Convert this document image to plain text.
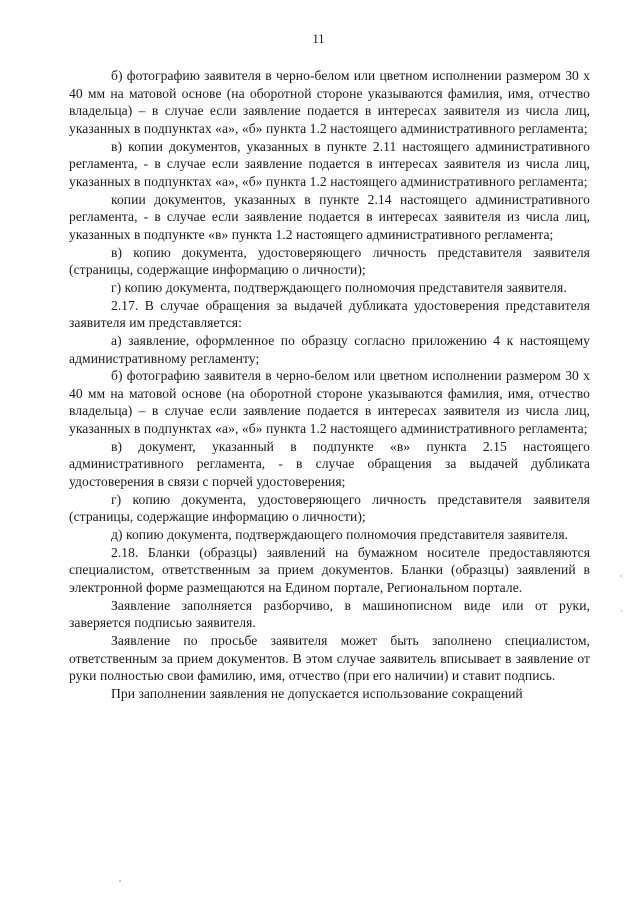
11

б) фотографию заявителя в черно-белом или цветном исполнении размером 30 х 40 мм на матовой основе (на оборотной стороне указываются фамилия, имя, отчество владельца) – в случае если заявление подается в интересах заявителя из числа лиц, указанных в подпунктах «а», «б» пункта 1.2 настоящего административного регламента;

в) копии документов, указанных в пункте 2.11 настоящего административного регламента, - в случае если заявление подается в интересах заявителя из числа лиц, указанных в подпунктах «а», «б» пункта 1.2 настоящего административного регламента;

копии документов, указанных в пункте 2.14 настоящего административного регламента, - в случае если заявление подается в интересах заявителя из числа лиц, указанных в подпункте «в» пункта 1.2 настоящего административного регламента;

в) копию документа, удостоверяющего личность представителя заявителя (страницы, содержащие информацию о личности);

г) копию документа, подтверждающего полномочия представителя заявителя.

2.17. В случае обращения за выдачей дубликата удостоверения представителя заявителя им представляется:

а) заявление, оформленное по образцу согласно приложению 4 к настоящему административному регламенту;

б) фотографию заявителя в черно-белом или цветном исполнении размером 30 х 40 мм на матовой основе (на оборотной стороне указываются фамилия, имя, отчество владельца) – в случае если заявление подается в интересах заявителя из числа лиц, указанных в подпунктах «а», «б» пункта 1.2 настоящего административного регламента;

в) документ, указанный в подпункте «в» пункта 2.15 настоящего административного регламента, - в случае обращения за выдачей дубликата удостоверения в связи с порчей удостоверения;

г) копию документа, удостоверяющего личность представителя заявителя (страницы, содержащие информацию о личности);

д) копию документа, подтверждающего полномочия представителя заявителя.

2.18. Бланки (образцы) заявлений на бумажном носителе предоставляются специалистом, ответственным за прием документов. Бланки (образцы) заявлений в электронной форме размещаются на Едином портале, Региональном портале.

Заявление заполняется разборчиво, в машинописном виде или от руки, заверяется подписью заявителя.

Заявление по просьбе заявителя может быть заполнено специалистом, ответственным за прием документов. В этом случае заявитель вписывает в заявление от руки полностью свои фамилию, имя, отчество (при его наличии) и ставит подпись.

При заполнении заявления не допускается использование сокращений
